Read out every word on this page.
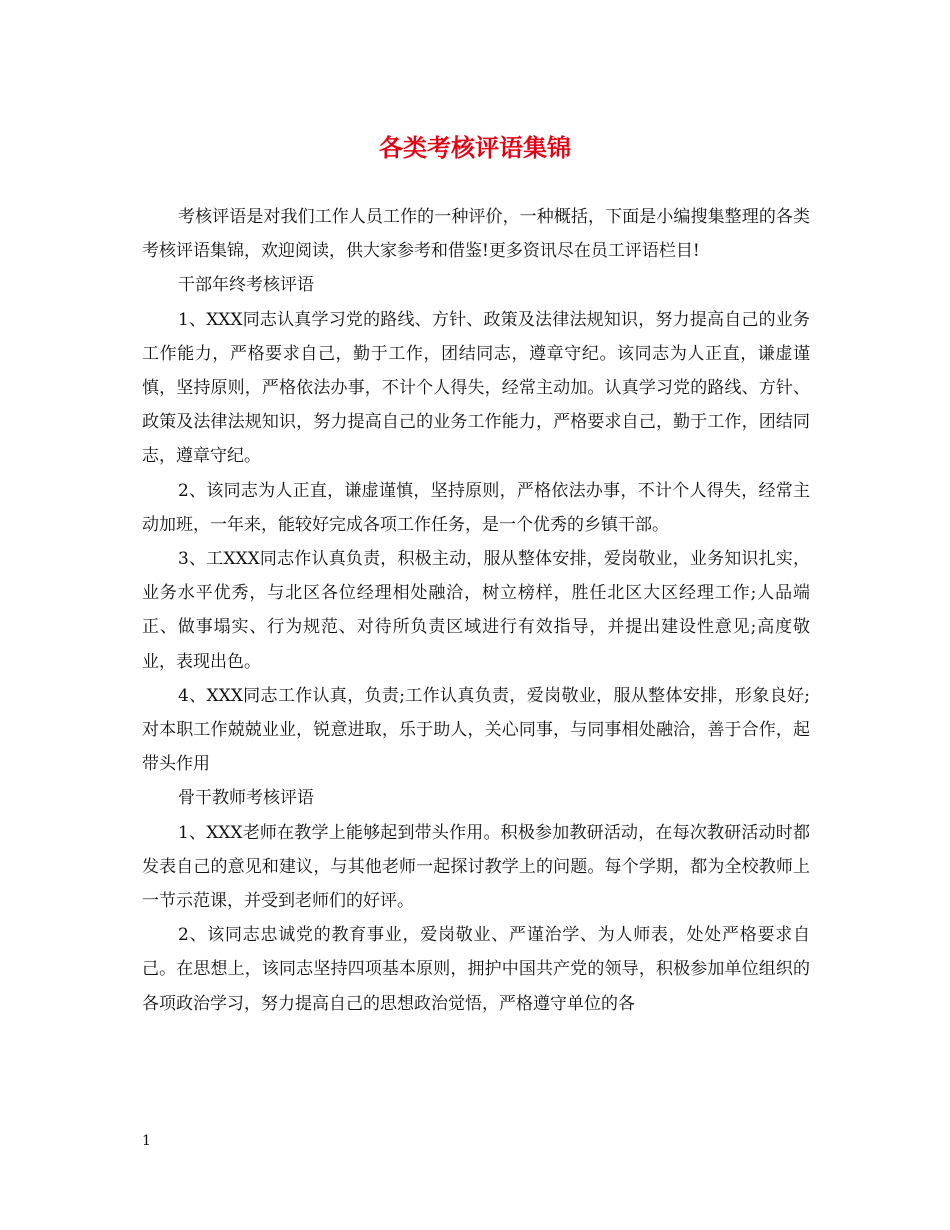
各类考核评语集锦

考核评语是对我们工作人员工作的一种评价，一种概括，下面是小编搜集整理的各类考核评语集锦，欢迎阅读，供大家参考和借鉴!更多资讯尽在员工评语栏目!

干部年终考核评语

1、XXX同志认真学习党的路线、方针、政策及法律法规知识，努力提高自己的业务工作能力，严格要求自己，勤于工作，团结同志，遵章守纪。该同志为人正直，谦虚谨慎，坚持原则，严格依法办事，不计个人得失，经常主动加。认真学习党的路线、方针、政策及法律法规知识，努力提高自己的业务工作能力，严格要求自己，勤于工作，团结同志，遵章守纪。

2、该同志为人正直，谦虚谨慎，坚持原则，严格依法办事，不计个人得失，经常主动加班，一年来，能较好完成各项工作任务，是一个优秀的乡镇干部。

3、工XXX同志作认真负责，积极主动，服从整体安排，爱岗敬业，业务知识扎实，业务水平优秀，与北区各位经理相处融洽，树立榜样，胜任北区大区经理工作;人品端正、做事塌实、行为规范、对待所负责区域进行有效指导，并提出建设性意见;高度敬业，表现出色。

4、XXX同志工作认真，负责;工作认真负责，爱岗敬业，服从整体安排，形象良好;对本职工作兢兢业业，锐意进取，乐于助人，关心同事，与同事相处融洽，善于合作，起带头作用

骨干教师考核评语

1、XXX老师在教学上能够起到带头作用。积极参加教研活动，在每次教研活动时都发表自己的意见和建议，与其他老师一起探讨教学上的问题。每个学期，都为全校教师上一节示范课，并受到老师们的好评。

2、该同志忠诚党的教育事业，爱岗敬业、严谨治学、为人师表，处处严格要求自己。在思想上，该同志坚持四项基本原则，拥护中国共产党的领导，积极参加单位组织的各项政治学习，努力提高自己的思想政治觉悟，严格遵守单位的各

1
